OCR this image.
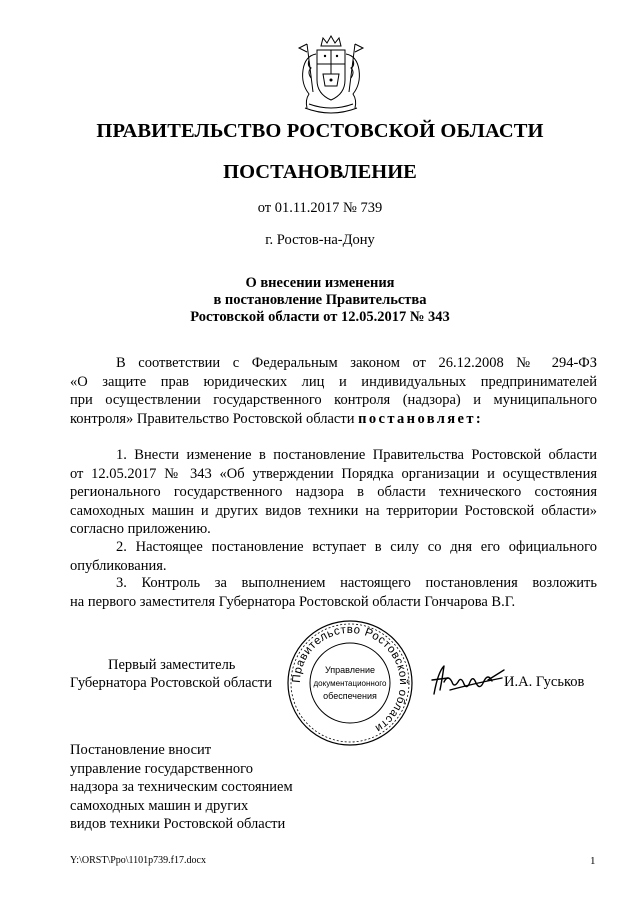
ПРАВИТЕЛЬСТВО РОСТОВСКОЙ ОБЛАСТИ
ПОСТАНОВЛЕНИЕ
от 01.11.2017 № 739
г. Ростов-на-Дону
О внесении изменения
в постановление Правительства
Ростовской области от 12.05.2017 № 343
В соответствии с Федеральным законом от 26.12.2008 № 294-ФЗ
«О защите прав юридических лиц и индивидуальных предпринимателей
при осуществлении государственного контроля (надзора) и муниципального
контроля» Правительство Ростовской области постановляет:
1. Внести изменение в постановление Правительства Ростовской области
от 12.05.2017 № 343 «Об утверждении Порядка организации и осуществления
регионального государственного надзора в области технического состояния
самоходных машин и других видов техники на территории Ростовской области»
согласно приложению.
2. Настоящее постановление вступает в силу со дня его официального
опубликования.
3. Контроль за выполнением настоящего постановления возложить
на первого заместителя Губернатора Ростовской области Гончарова В.Г.
Первый заместитель
Губернатора Ростовской области Правительство Ростовской области
Управление
документационного
обеспечения
И.А. Гуськов
Постановление вносит
управление государственного
надзора за техническим состоянием
самоходных машин и других
видов техники Ростовской области
Y:\ORST\Ppo\1101p739.f17.docx	1
